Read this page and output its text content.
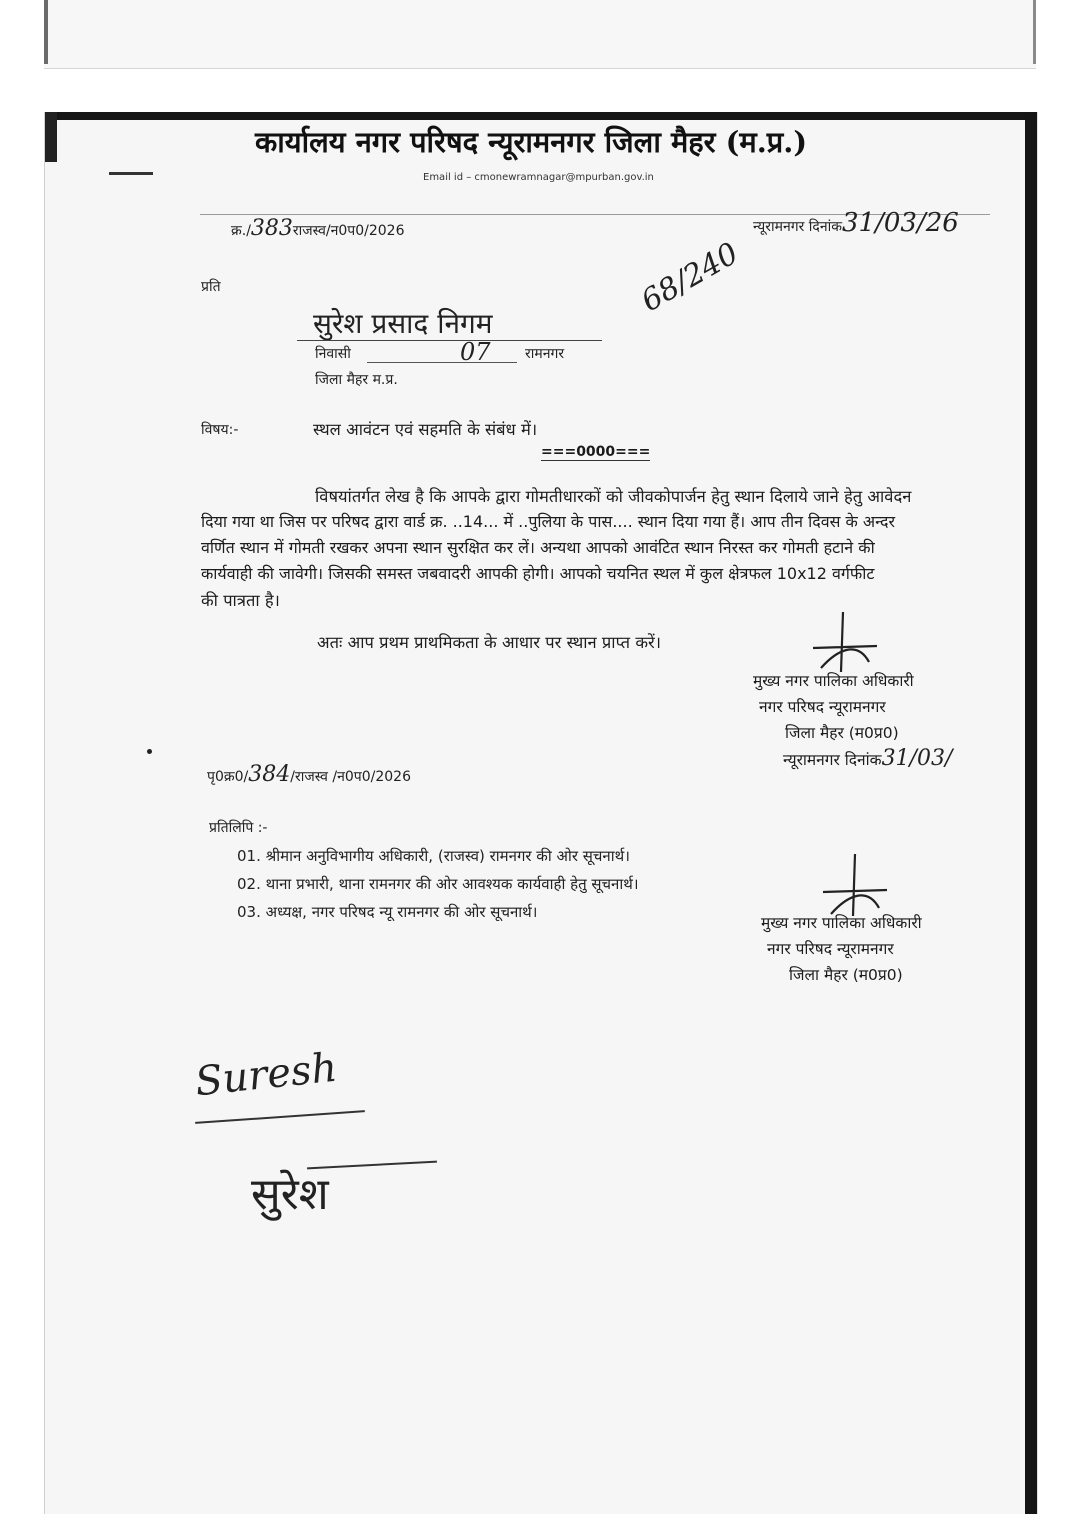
कार्यालय नगर परिषद न्यूरामनगर जिला मैहर (म.प्र.)
Email id – cmonewramnagar@mpurban.gov.in
क्र./383राजस्व/न0प0/2026	न्यूरामनगर दिनांक31/03/26
प्रति
सुरेश प्रसाद निगम
68/240
निवासी	07 रामनगर
जिला मैहर म.प्र.
विषय:-	स्थल आवंटन एवं सहमति के संबंध में।
===0000===
विषयांतर्गत लेख है कि आपके द्वारा गोमतीधारकों को जीवकोपार्जन हेतु स्थान दिलाये जाने हेतु आवेदन
दिया गया था जिस पर परिषद द्वारा वार्ड क्र. ..14... में ..पुलिया के पास.... स्थान दिया गया हैं। आप तीन दिवस के अन्दर
वर्णित स्थान में गोमती रखकर अपना स्थान सुरक्षित कर लें। अन्यथा आपको आवंटित स्थान निरस्त कर गोमती हटाने की
कार्यवाही की जावेगी। जिसकी समस्त जबवादरी आपकी होगी। आपको चयनित स्थल में कुल क्षेत्रफल 10x12 वर्गफीट
की पात्रता है।
अतः आप प्रथम प्राथमिकता के आधार पर स्थान प्राप्त करें।
मुख्य नगर पालिका अधिकारी
नगर परिषद न्यूरामनगर
जिला मैहर (म0प्र0)
न्यूरामनगर दिनांक31/03/
पृ0क्र0/384/राजस्व /न0प0/2026
प्रतिलिपि :-
01. श्रीमान अनुविभागीय अधिकारी, (राजस्व) रामनगर की ओर सूचनार्थ।
02. थाना प्रभारी, थाना रामनगर की ओर आवश्यक कार्यवाही हेतु सूचनार्थ।
03. अध्यक्ष, नगर परिषद न्यू रामनगर की ओर सूचनार्थ।
मुख्य नगर पालिका अधिकारी
नगर परिषद न्यूरामनगर
जिला मैहर (म0प्र0)
Suresh
सुरेश
